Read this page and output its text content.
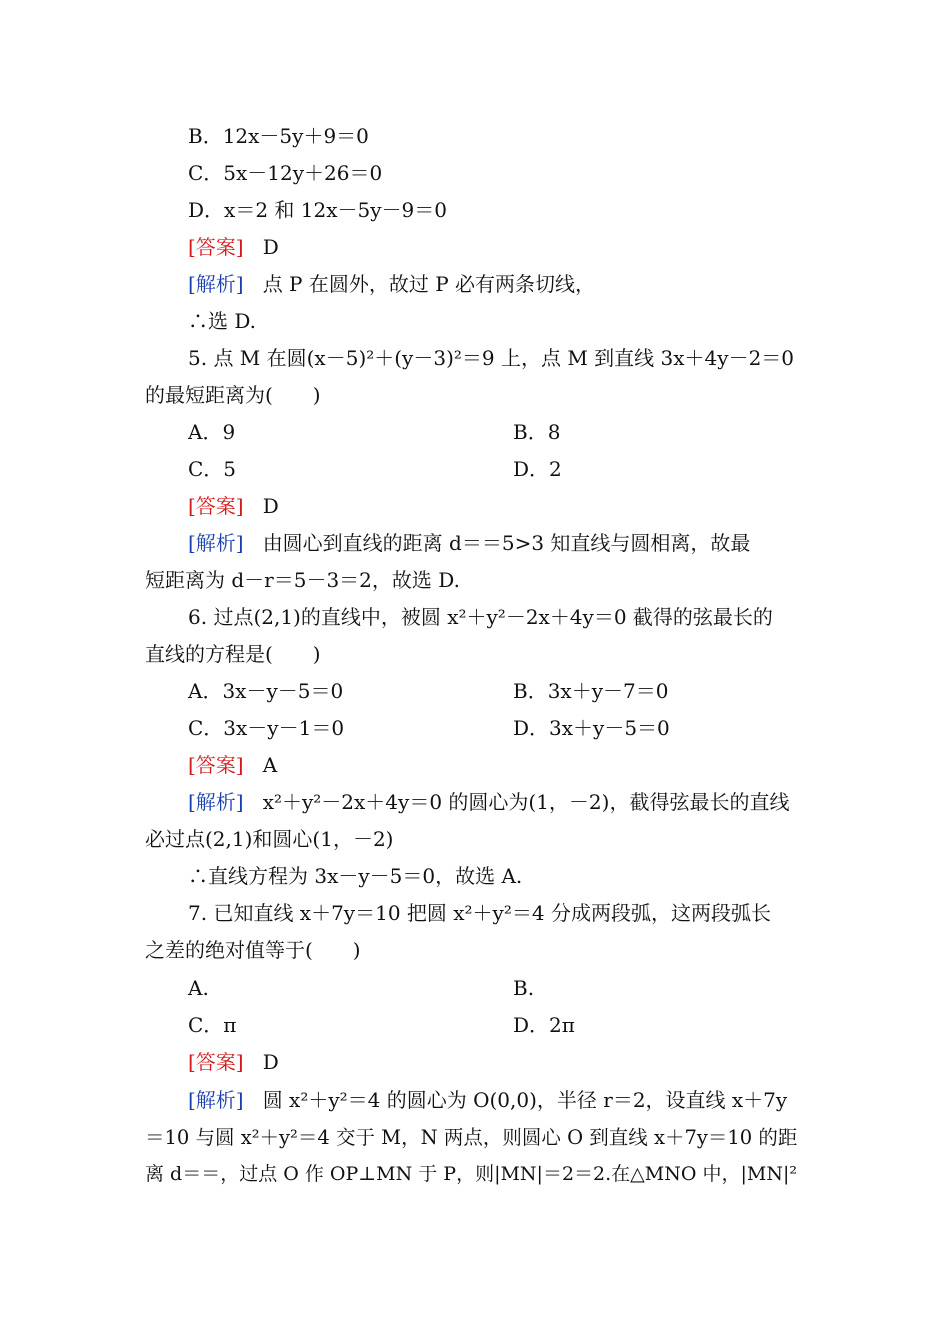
B．12x－5y＋9＝0
C．5x－12y＋26＝0
D．x＝2 和 12x－5y－9＝0
[答案] D
[解析] 点 P 在圆外，故过 P 必有两条切线，
∴选 D.
5. 点 M 在圆(x－5)²＋(y－3)²＝9 上，点 M 到直线 3x＋4y－2＝0
的最短距离为(　　)
A．9	B．8
C．5	D．2
[答案] D
[解析] 由圆心到直线的距离 d＝＝5>3 知直线与圆相离，故最
短距离为 d－r＝5－3＝2，故选 D.
6. 过点(2,1)的直线中，被圆 x²＋y²－2x＋4y＝0 截得的弦最长的
直线的方程是(　　)
A．3x－y－5＝0	B．3x＋y－7＝0
C．3x－y－1＝0	D．3x＋y－5＝0
[答案] A
[解析] x²＋y²－2x＋4y＝0 的圆心为(1，－2)，截得弦最长的直线
必过点(2,1)和圆心(1，－2)
∴直线方程为 3x－y－5＝0，故选 A.
7. 已知直线 x＋7y＝10 把圆 x²＋y²＝4 分成两段弧，这两段弧长
之差的绝对值等于(　　)
A.	B.
C．π	D．2π
[答案] D
[解析] 圆 x²＋y²＝4 的圆心为 O(0,0)，半径 r＝2，设直线 x＋7y
＝10 与圆 x²＋y²＝4 交于 M，N 两点，则圆心 O 到直线 x＋7y＝10 的距
离 d＝＝，过点 O 作 OP⊥MN 于 P，则|MN|＝2＝2.在△MNO 中，|MN|²
